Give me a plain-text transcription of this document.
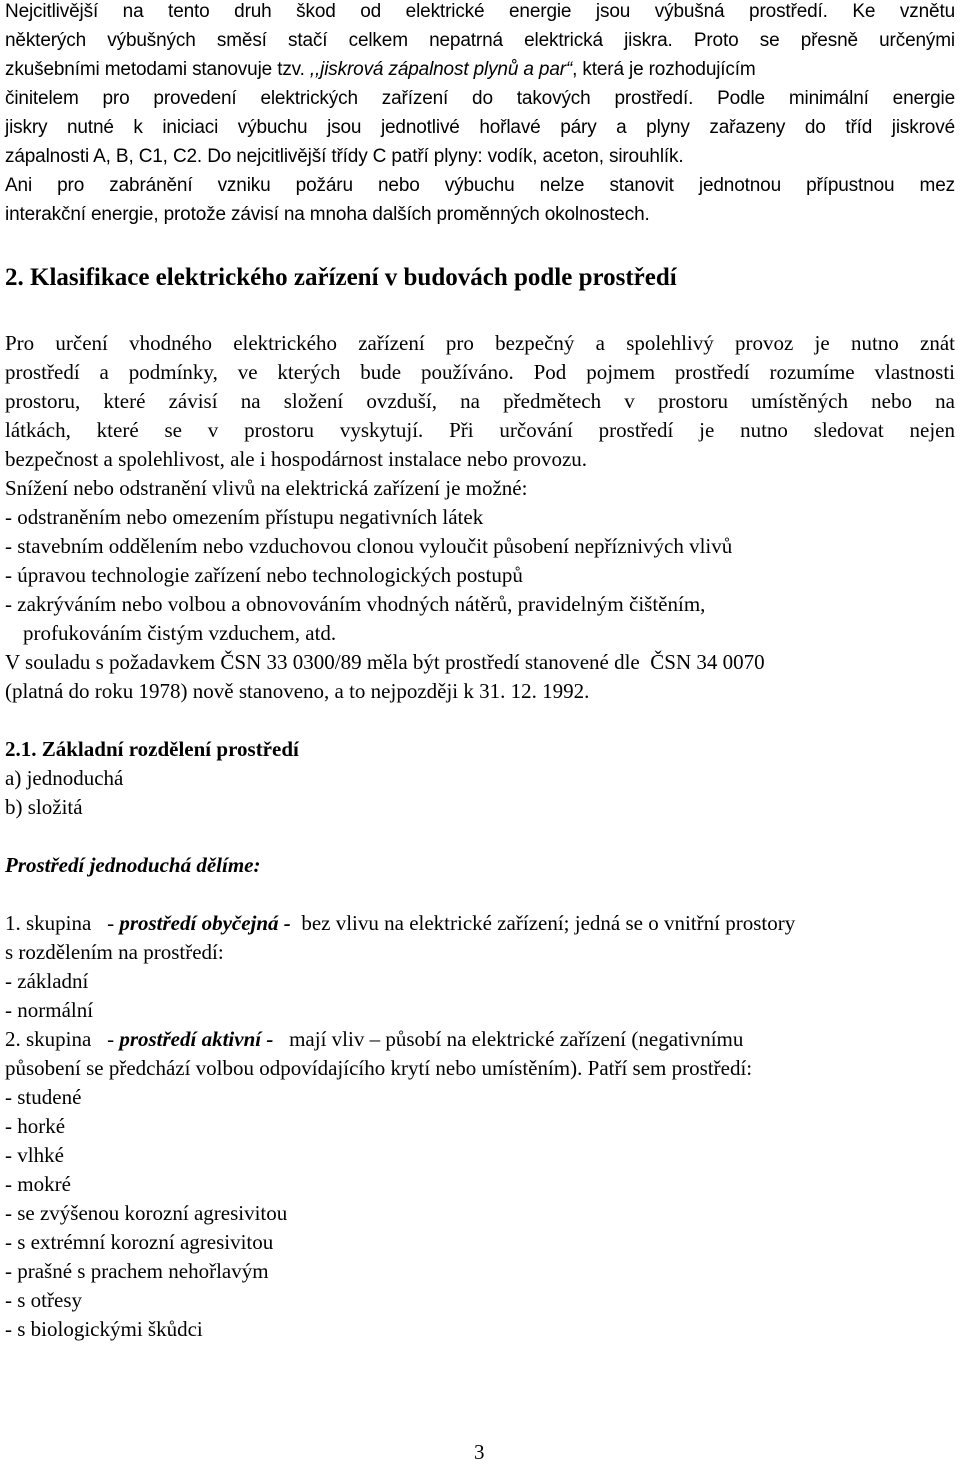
Nejcitlivější na tento druh škod od elektrické energie jsou výbušná prostředí. Ke vznětu
některých výbušných směsí stačí celkem nepatrná elektrická jiskra. Proto se přesně určenými
zkušebními metodami stanovuje tzv. ,,jiskrová zápalnost plynů a par“, která je rozhodujícím
činitelem pro provedení elektrických zařízení do takových prostředí. Podle minimální energie
jiskry nutné k iniciaci výbuchu jsou jednotlivé hořlavé páry a plyny zařazeny do tříd jiskrové
zápalnosti A, B, C1, C2. Do nejcitlivější třídy C patří plyny: vodík, aceton, sirouhlík.
Ani pro zabránění vzniku požáru nebo výbuchu nelze stanovit jednotnou přípustnou mez
interakční energie, protože závisí na mnoha dalších proměnných okolnostech.
2. Klasifikace elektrického zařízení v budovách podle prostředí
Pro určení vhodného elektrického zařízení pro bezpečný a spolehlivý provoz je nutno znát
prostředí a podmínky, ve kterých bude používáno. Pod pojmem prostředí rozumíme vlastnosti
prostoru, které závisí na složení ovzduší, na předmětech v prostoru umístěných nebo na
látkách, které se v prostoru vyskytují. Při určování prostředí je nutno sledovat nejen
bezpečnost a spolehlivost, ale i hospodárnost instalace nebo provozu.
Snížení nebo odstranění vlivů na elektrická zařízení je možné:
- odstraněním nebo omezením přístupu negativních látek
- stavebním oddělením nebo vzduchovou clonou vyloučit působení nepříznivých vlivů
- úpravou technologie zařízení nebo technologických postupů
- zakrýváním nebo volbou a obnovováním vhodných nátěrů, pravidelným čištěním,
profukováním čistým vzduchem, atd.
V souladu s požadavkem ČSN 33 0300/89 měla být prostředí stanovené dle  ČSN 34 0070
(platná do roku 1978) nově stanoveno, a to nejpozději k 31. 12. 1992.
2.1. Základní rozdělení prostředí
a) jednoduchá
b) složitá
Prostředí jednoduchá dělíme:
1. skupina   - prostředí obyčejná -  bez vlivu na elektrické zařízení; jedná se o vnitřní prostory
s rozdělením na prostředí:
- základní
- normální
2. skupina   - prostředí aktivní -   mají vliv – působí na elektrické zařízení (negativnímu
působení se předchází volbou odpovídajícího krytí nebo umístěním). Patří sem prostředí:
- studené
- horké
- vlhké
- mokré
- se zvýšenou korozní agresivitou
- s extrémní korozní agresivitou
- prašné s prachem nehořlavým
- s otřesy
- s biologickými škůdci
3
